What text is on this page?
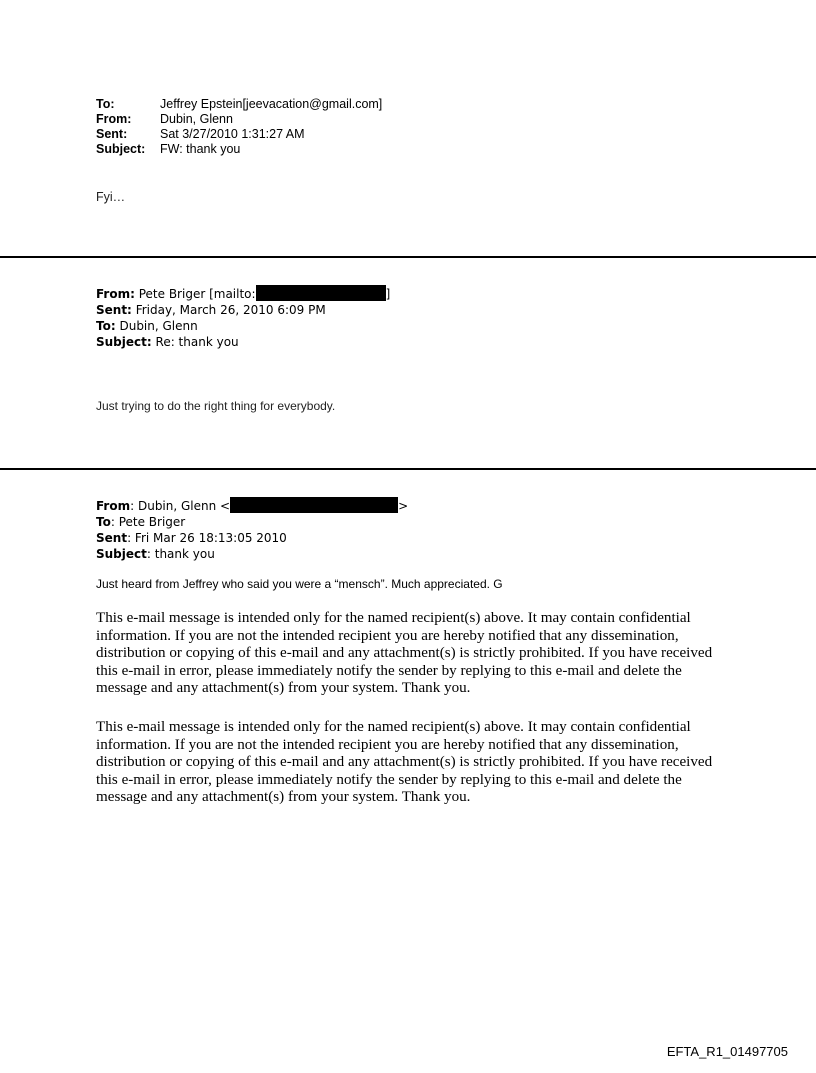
To:	Jeffrey Epstein[jeevacation@gmail.com]
From: Dubin, Glenn
Sent:	Sat 3/27/2010 1:31:27 AM
Subject: FW: thank you
Fyi…
From: Pete Briger [mailto:	]
Sent: Friday, March 26, 2010 6:09 PM
To: Dubin, Glenn
Subject: Re: thank you
Just trying to do the right thing for everybody.
From: Dubin, Glenn <	>
To: Pete Briger
Sent: Fri Mar 26 18:13:05 2010
Subject: thank you
Just heard from Jeffrey who said you were a “mensch”. Much appreciated. G
This e-mail message is intended only for the named recipient(s) above. It may contain confidential information. If you are not the intended recipient you are hereby notified that any dissemination, distribution or copying of this e-mail and any attachment(s) is strictly prohibited. If you have received this e-mail in error, please immediately notify the sender by replying to this e-mail and delete the message and any attachment(s) from your system. Thank you.
This e-mail message is intended only for the named recipient(s) above. It may contain confidential information. If you are not the intended recipient you are hereby notified that any dissemination, distribution or copying of this e-mail and any attachment(s) is strictly prohibited. If you have received this e-mail in error, please immediately notify the sender by replying to this e-mail and delete the message and any attachment(s) from your system. Thank you.
EFTA_R1_01497705
